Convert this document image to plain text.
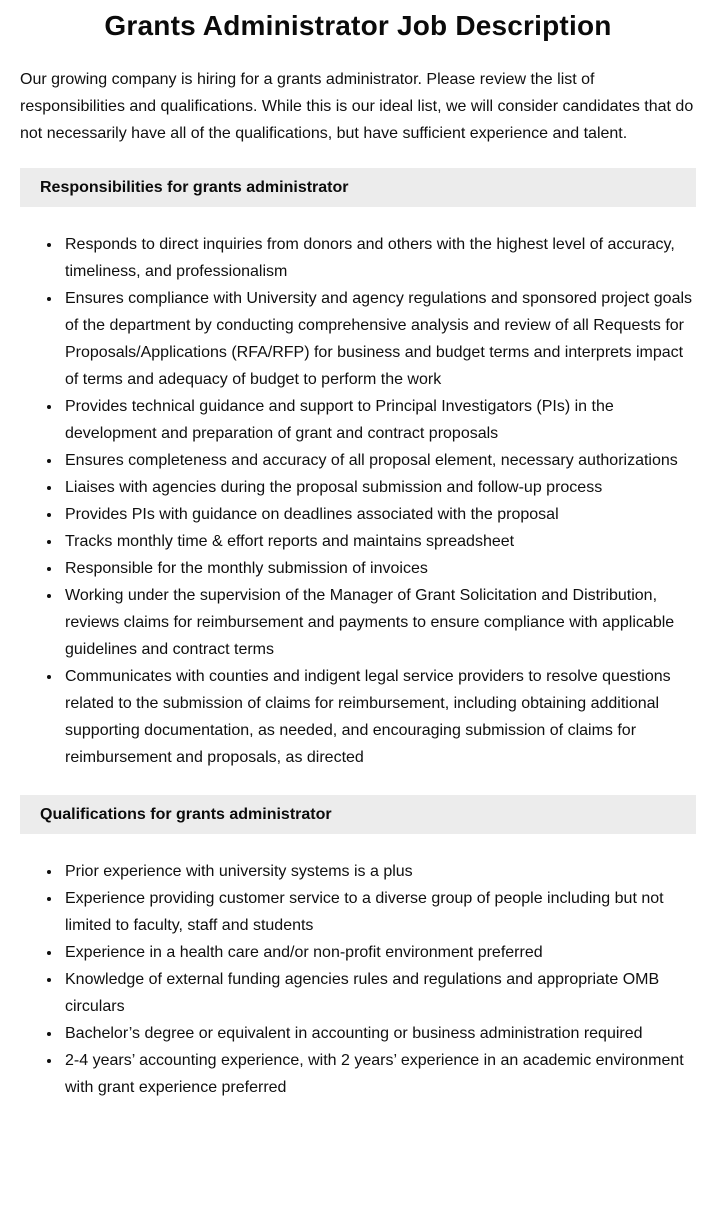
Grants Administrator Job Description

Our growing company is hiring for a grants administrator. Please review the list of responsibilities and qualifications. While this is our ideal list, we will consider candidates that do not necessarily have all of the qualifications, but have sufficient experience and talent.

Responsibilities for grants administrator
• Responds to direct inquiries from donors and others with the highest level of accuracy, timeliness, and professionalism
• Ensures compliance with University and agency regulations and sponsored project goals of the department by conducting comprehensive analysis and review of all Requests for Proposals/Applications (RFA/RFP) for business and budget terms and interprets impact of terms and adequacy of budget to perform the work
• Provides technical guidance and support to Principal Investigators (PIs) in the development and preparation of grant and contract proposals
• Ensures completeness and accuracy of all proposal element, necessary authorizations
• Liaises with agencies during the proposal submission and follow-up process
• Provides PIs with guidance on deadlines associated with the proposal
• Tracks monthly time & effort reports and maintains spreadsheet
• Responsible for the monthly submission of invoices
• Working under the supervision of the Manager of Grant Solicitation and Distribution, reviews claims for reimbursement and payments to ensure compliance with applicable guidelines and contract terms
• Communicates with counties and indigent legal service providers to resolve questions related to the submission of claims for reimbursement, including obtaining additional supporting documentation, as needed, and encouraging submission of claims for reimbursement and proposals, as directed
Qualifications for grants administrator
• Prior experience with university systems is a plus
• Experience providing customer service to a diverse group of people including but not limited to faculty, staff and students
• Experience in a health care and/or non-profit environment preferred
• Knowledge of external funding agencies rules and regulations and appropriate OMB circulars
• Bachelor’s degree or equivalent in accounting or business administration required
• 2-4 years’ accounting experience, with 2 years’ experience in an academic environment with grant experience preferred
